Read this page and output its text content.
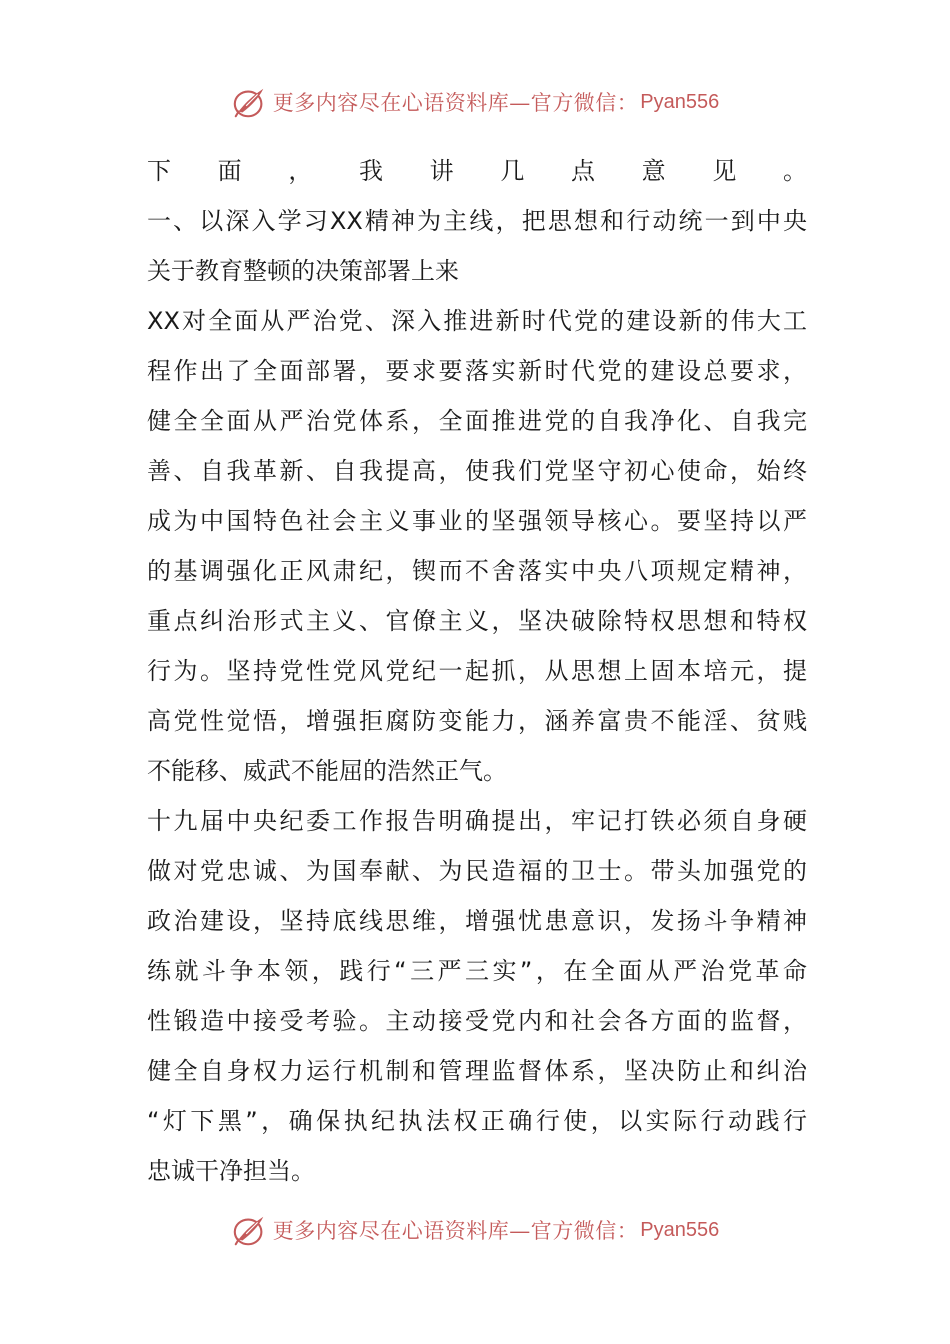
更多内容尽在心语资料库—官方微信： Pyan556
下面，我讲几点意见。
一、以深入学习XX精神为主线，把思想和行动统一到中央
关于教育整顿的决策部署上来
XX对全面从严治党、深入推进新时代党的建设新的伟大工
程作出了全面部署，要求要落实新时代党的建设总要求，
健全全面从严治党体系，全面推进党的自我净化、自我完
善、自我革新、自我提高，使我们党坚守初心使命，始终
成为中国特色社会主义事业的坚强领导核心。要坚持以严
的基调强化正风肃纪，锲而不舍落实中央八项规定精神，
重点纠治形式主义、官僚主义，坚决破除特权思想和特权
行为。坚持党性党风党纪一起抓，从思想上固本培元，提
高党性觉悟，增强拒腐防变能力，涵养富贵不能淫、贫贱
不能移、威武不能屈的浩然正气。
十九届中央纪委工作报告明确提出，牢记打铁必须自身硬
做对党忠诚、为国奉献、为民造福的卫士。带头加强党的
政治建设，坚持底线思维，增强忧患意识，发扬斗争精神
练就斗争本领，践行“三严三实”，在全面从严治党革命
性锻造中接受考验。主动接受党内和社会各方面的监督，
健全自身权力运行机制和管理监督体系，坚决防止和纠治
“灯下黑”，确保执纪执法权正确行使，以实际行动践行
忠诚干净担当。
更多内容尽在心语资料库—官方微信： Pyan556
